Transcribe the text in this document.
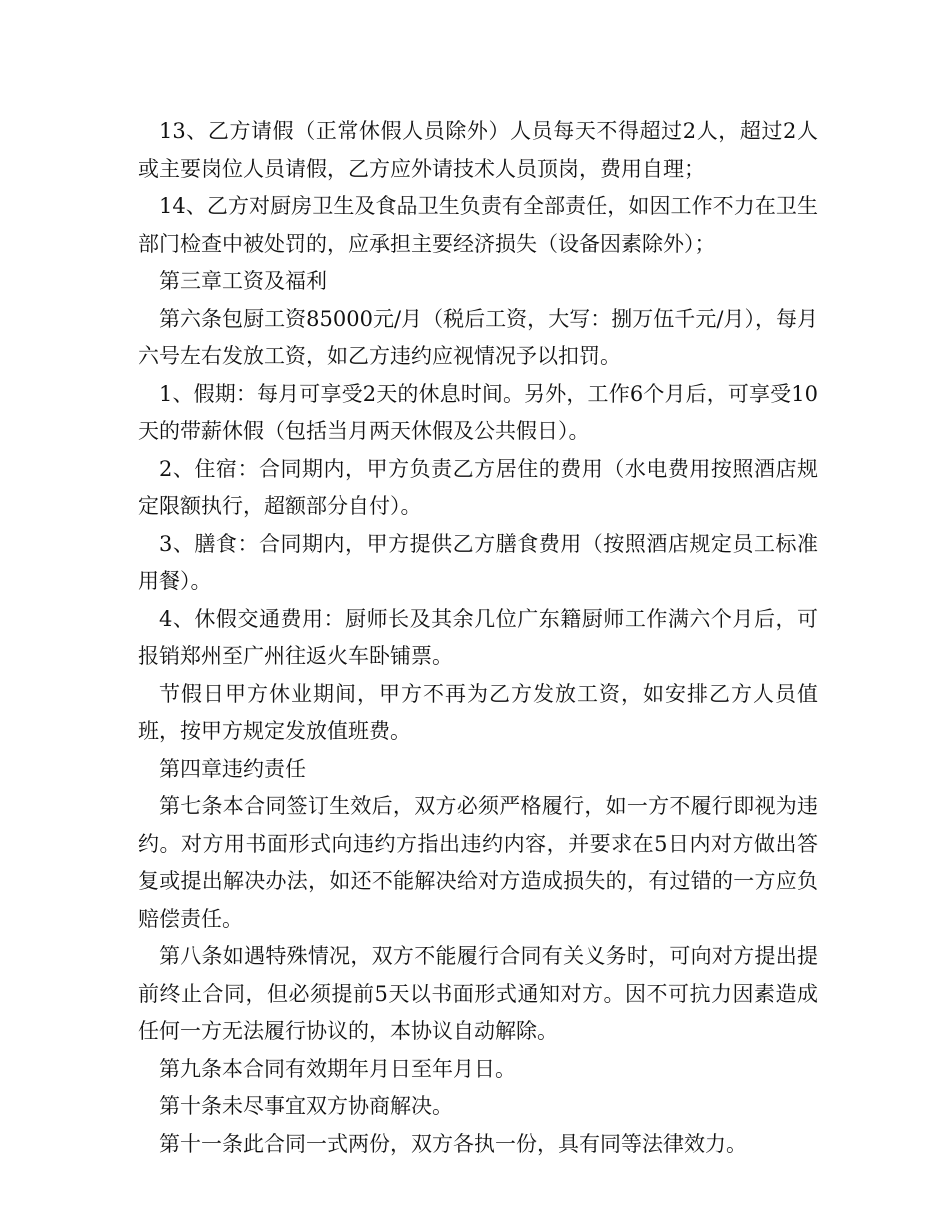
13、乙方请假（正常休假人员除外）人员每天不得超过2人，超过2人或主要岗位人员请假，乙方应外请技术人员顶岗，费用自理；

14、乙方对厨房卫生及食品卫生负责有全部责任，如因工作不力在卫生部门检查中被处罚的，应承担主要经济损失（设备因素除外）；

第三章工资及福利

第六条包厨工资85000元/月（税后工资，大写：捌万伍千元/月），每月六号左右发放工资，如乙方违约应视情况予以扣罚。

1、假期：每月可享受2天的休息时间。另外，工作6个月后，可享受10天的带薪休假（包括当月两天休假及公共假日）。

2、住宿：合同期内，甲方负责乙方居住的费用（水电费用按照酒店规定限额执行，超额部分自付）。

3、膳食：合同期内，甲方提供乙方膳食费用（按照酒店规定员工标准用餐）。

4、休假交通费用：厨师长及其余几位广东籍厨师工作满六个月后，可报销郑州至广州往返火车卧铺票。

节假日甲方休业期间，甲方不再为乙方发放工资，如安排乙方人员值班，按甲方规定发放值班费。

第四章违约责任

第七条本合同签订生效后，双方必须严格履行，如一方不履行即视为违约。对方用书面形式向违约方指出违约内容，并要求在5日内对方做出答复或提出解决办法，如还不能解决给对方造成损失的，有过错的一方应负赔偿责任。

第八条如遇特殊情况，双方不能履行合同有关义务时，可向对方提出提前终止合同，但必须提前5天以书面形式通知对方。因不可抗力因素造成任何一方无法履行协议的，本协议自动解除。

第九条本合同有效期年月日至年月日。

第十条未尽事宜双方协商解决。

第十一条此合同一式两份，双方各执一份，具有同等法律效力。
